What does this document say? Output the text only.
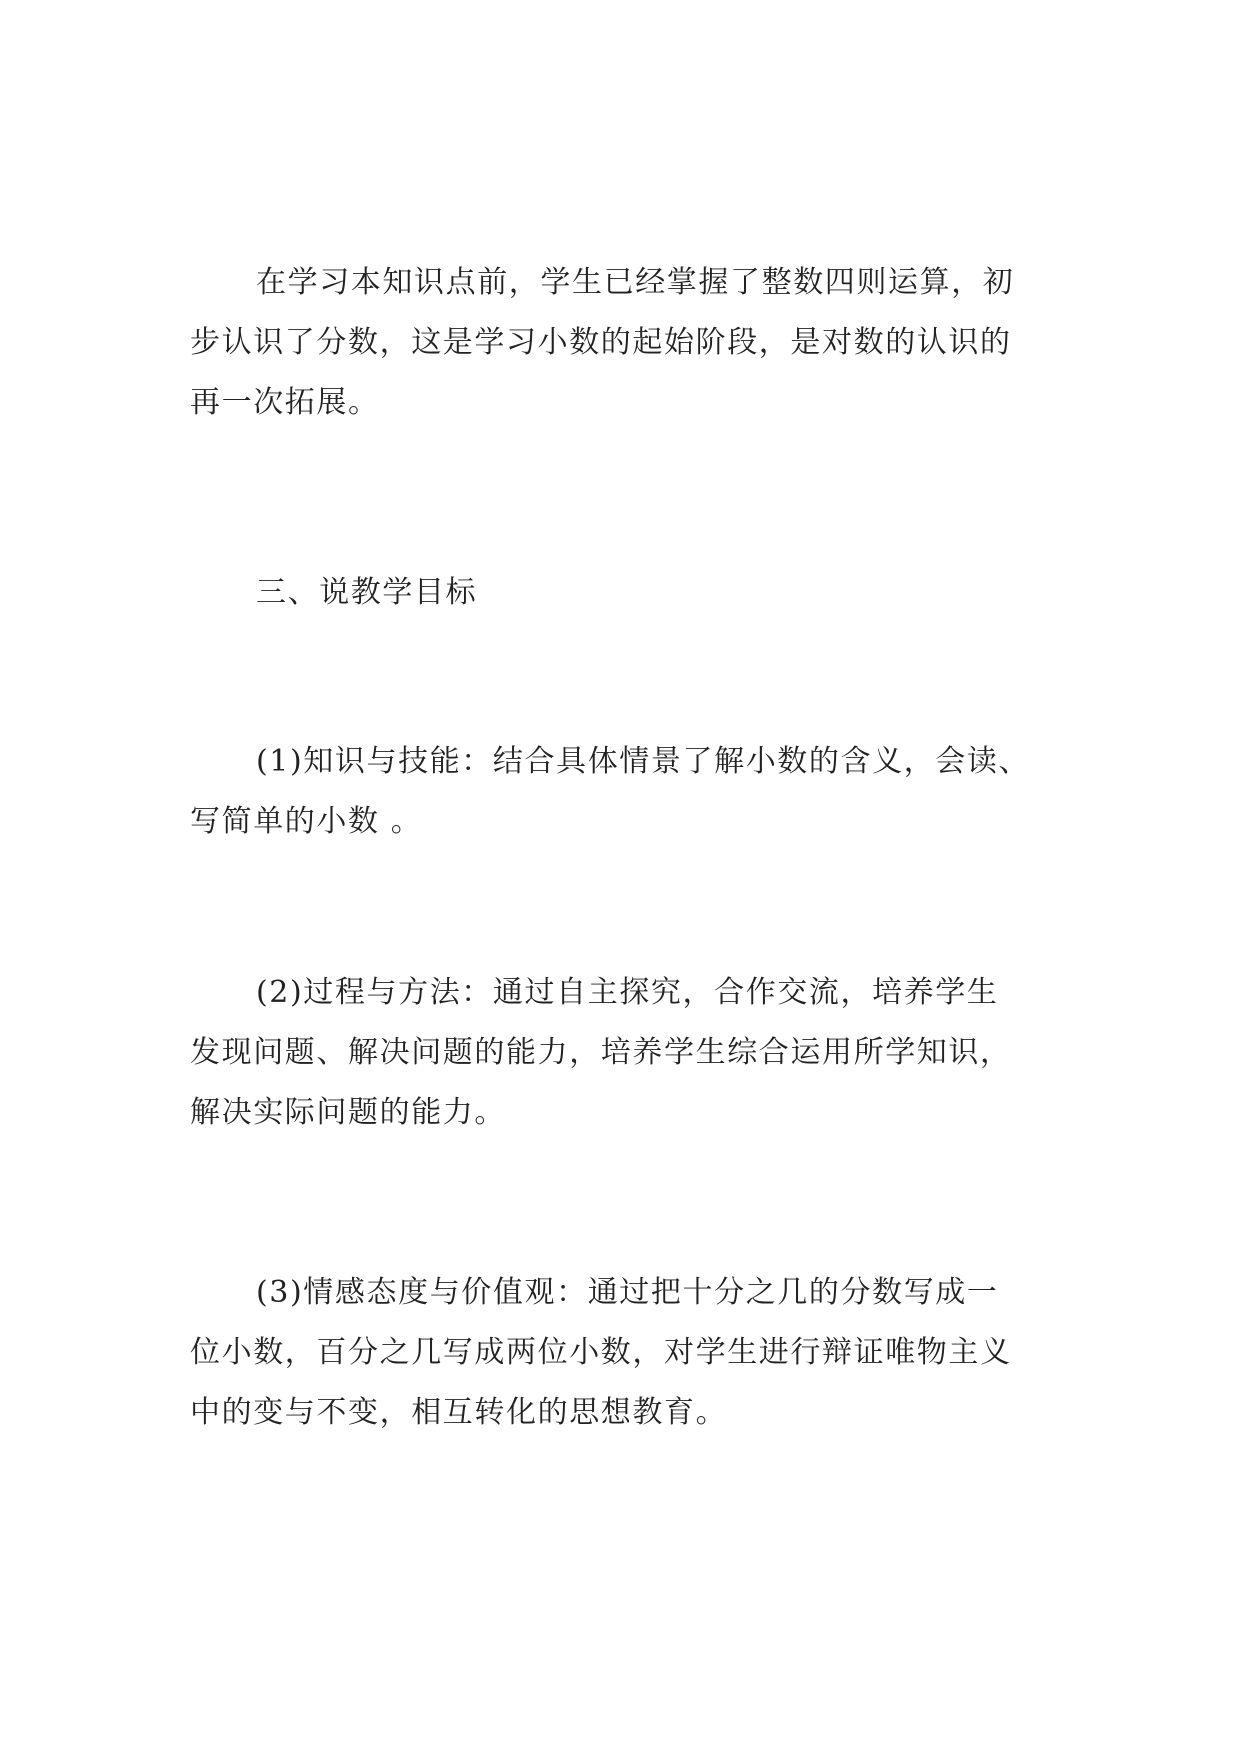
在学习本知识点前，学生已经掌握了整数四则运算，初
步认识了分数，这是学习小数的起始阶段，是对数的认识的
再一次拓展。
三、说教学目标
(1)知识与技能：结合具体情景了解小数的含义，会读、
写简单的小数 。
(2)过程与方法：通过自主探究，合作交流，培养学生
发现问题、解决问题的能力，培养学生综合运用所学知识，
解决实际问题的能力。
(3)情感态度与价值观：通过把十分之几的分数写成一
位小数，百分之几写成两位小数，对学生进行辩证唯物主义
中的变与不变，相互转化的思想教育。
